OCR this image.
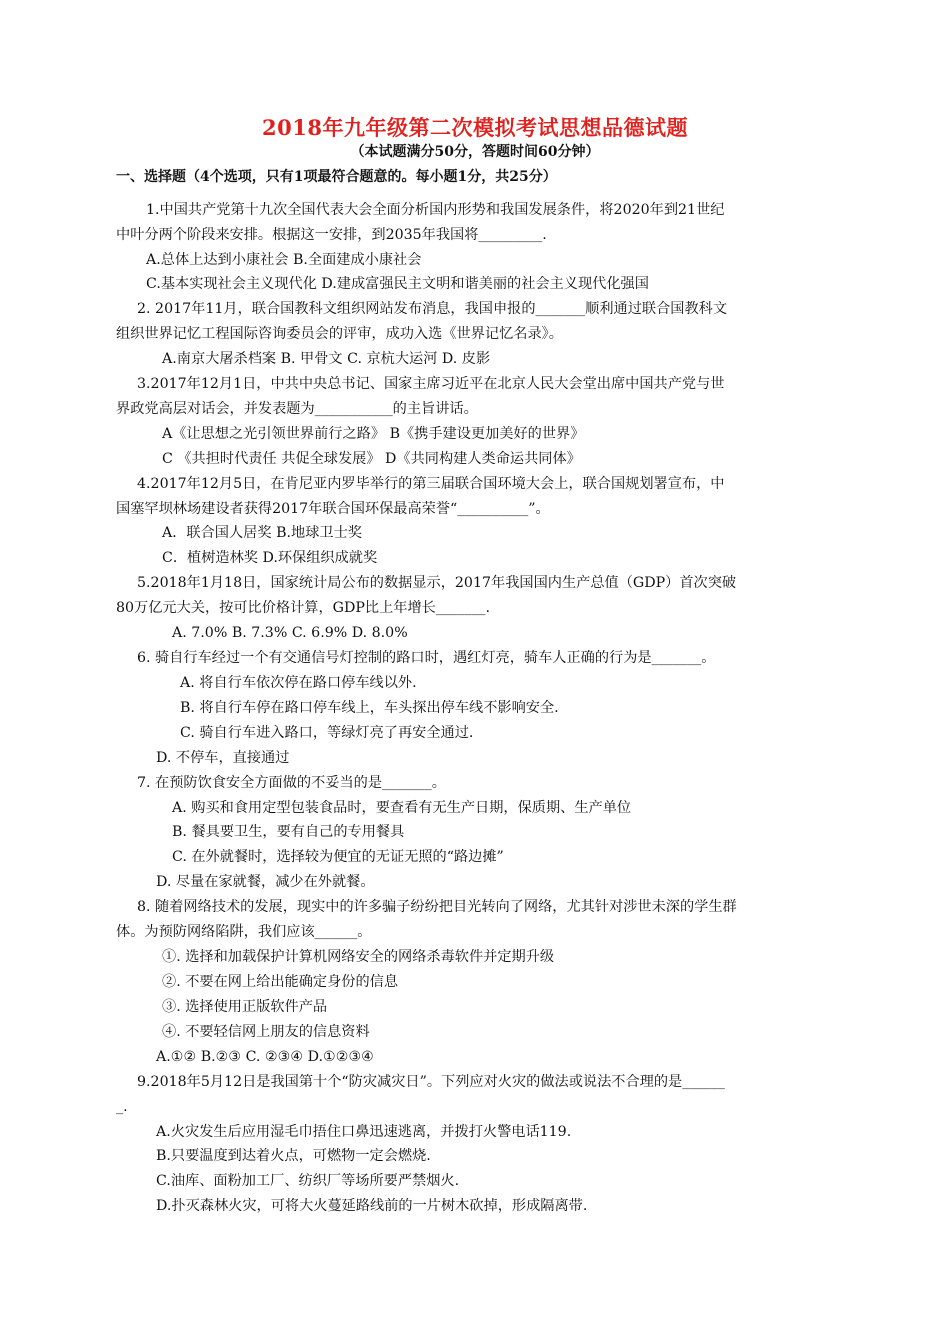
2018年九年级第二次模拟考试思想品德试题
（本试题满分50分，答题时间60分钟）
一、选择题（4个选项，只有1项最符合题意的。每小题1分，共25分）
1.中国共产党第十九次全国代表大会全面分析国内形势和我国发展条件，将2020年到21世纪
中叶分两个阶段来安排。根据这一安排，到2035年我国将_________.
A.总体上达到小康社会 B.全面建成小康社会
C.基本实现社会主义现代化 D.建成富强民主文明和谐美丽的社会主义现代化强国
2. 2017年11月，联合国教科文组织网站发布消息，我国申报的_______顺利通过联合国教科文
组织世界记忆工程国际咨询委员会的评审，成功入选《世界记忆名录》。
A.南京大屠杀档案 B. 甲骨文 C. 京杭大运河 D. 皮影
3.2017年12月1日，中共中央总书记、国家主席习近平在北京人民大会堂出席中国共产党与世
界政党高层对话会，并发表题为___________的主旨讲话。
A《让思想之光引领世界前行之路》 B《携手建设更加美好的世界》
C 《共担时代责任 共促全球发展》 D《共同构建人类命运共同体》
4.2017年12月5日，在肯尼亚内罗毕举行的第三届联合国环境大会上，联合国规划署宣布，中
国塞罕坝林场建设者获得2017年联合国环保最高荣誉“__________”。
A．联合国人居奖 B.地球卫士奖
C．植树造林奖 D.环保组织成就奖
5.2018年1月18日，国家统计局公布的数据显示，2017年我国国内生产总值（GDP）首次突破
80万亿元大关，按可比价格计算，GDP比上年增长_______.
A. 7.0% B. 7.3% C. 6.9% D. 8.0%
6. 骑自行车经过一个有交通信号灯控制的路口时，遇红灯亮，骑车人正确的行为是_______。
A. 将自行车依次停在路口停车线以外.
B. 将自行车停在路口停车线上，车头探出停车线不影响安全.
C. 骑自行车进入路口，等绿灯亮了再安全通过.
D. 不停车，直接通过
7. 在预防饮食安全方面做的不妥当的是_______。
A. 购买和食用定型包装食品时，要查看有无生产日期，保质期、生产单位
B. 餐具要卫生，要有自己的专用餐具
C. 在外就餐时，选择较为便宜的无证无照的“路边摊”
D. 尽量在家就餐，减少在外就餐。
8. 随着网络技术的发展，现实中的许多骗子纷纷把目光转向了网络，尤其针对涉世未深的学生群
体。为预防网络陷阱，我们应该______。
①. 选择和加载保护计算机网络安全的网络杀毒软件并定期升级
②. 不要在网上给出能确定身份的信息
③. 选择使用正版软件产品
④. 不要轻信网上朋友的信息资料
A.①② B.②③ C. ②③④ D.①②③④
9.2018年5月12日是我国第十个“防灾减灾日”。下列应对火灾的做法或说法不合理的是______
_.
A.火灾发生后应用湿毛巾捂住口鼻迅速逃离，并拨打火警电话119.
B.只要温度到达着火点，可燃物一定会燃烧.
C.油库、面粉加工厂、纺织厂等场所要严禁烟火.
D.扑灭森林火灾，可将大火蔓延路线前的一片树木砍掉，形成隔离带.
